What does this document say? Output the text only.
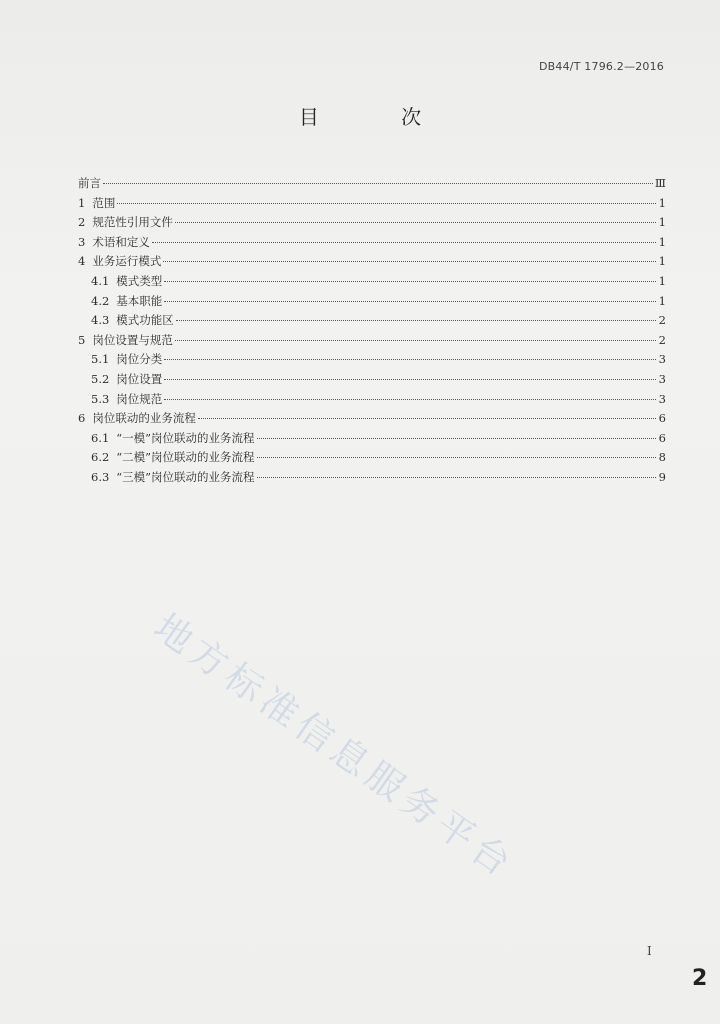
DB44/T 1796.2—2016
目 次
前言	Ⅲ
1 范围	1
2 规范性引用文件	1
3 术语和定义	1
4 业务运行模式	1
4.1 模式类型	1
4.2 基本职能	1
4.3 模式功能区	2
5 岗位设置与规范	2
5.1 岗位分类	3
5.2 岗位设置	3
5.3 岗位规范	3
6 岗位联动的业务流程	6
6.1 “一模”岗位联动的业务流程	6
6.2 “二模”岗位联动的业务流程	8
6.3 “三模”岗位联动的业务流程	9
地方标准信息服务平台
I
2
